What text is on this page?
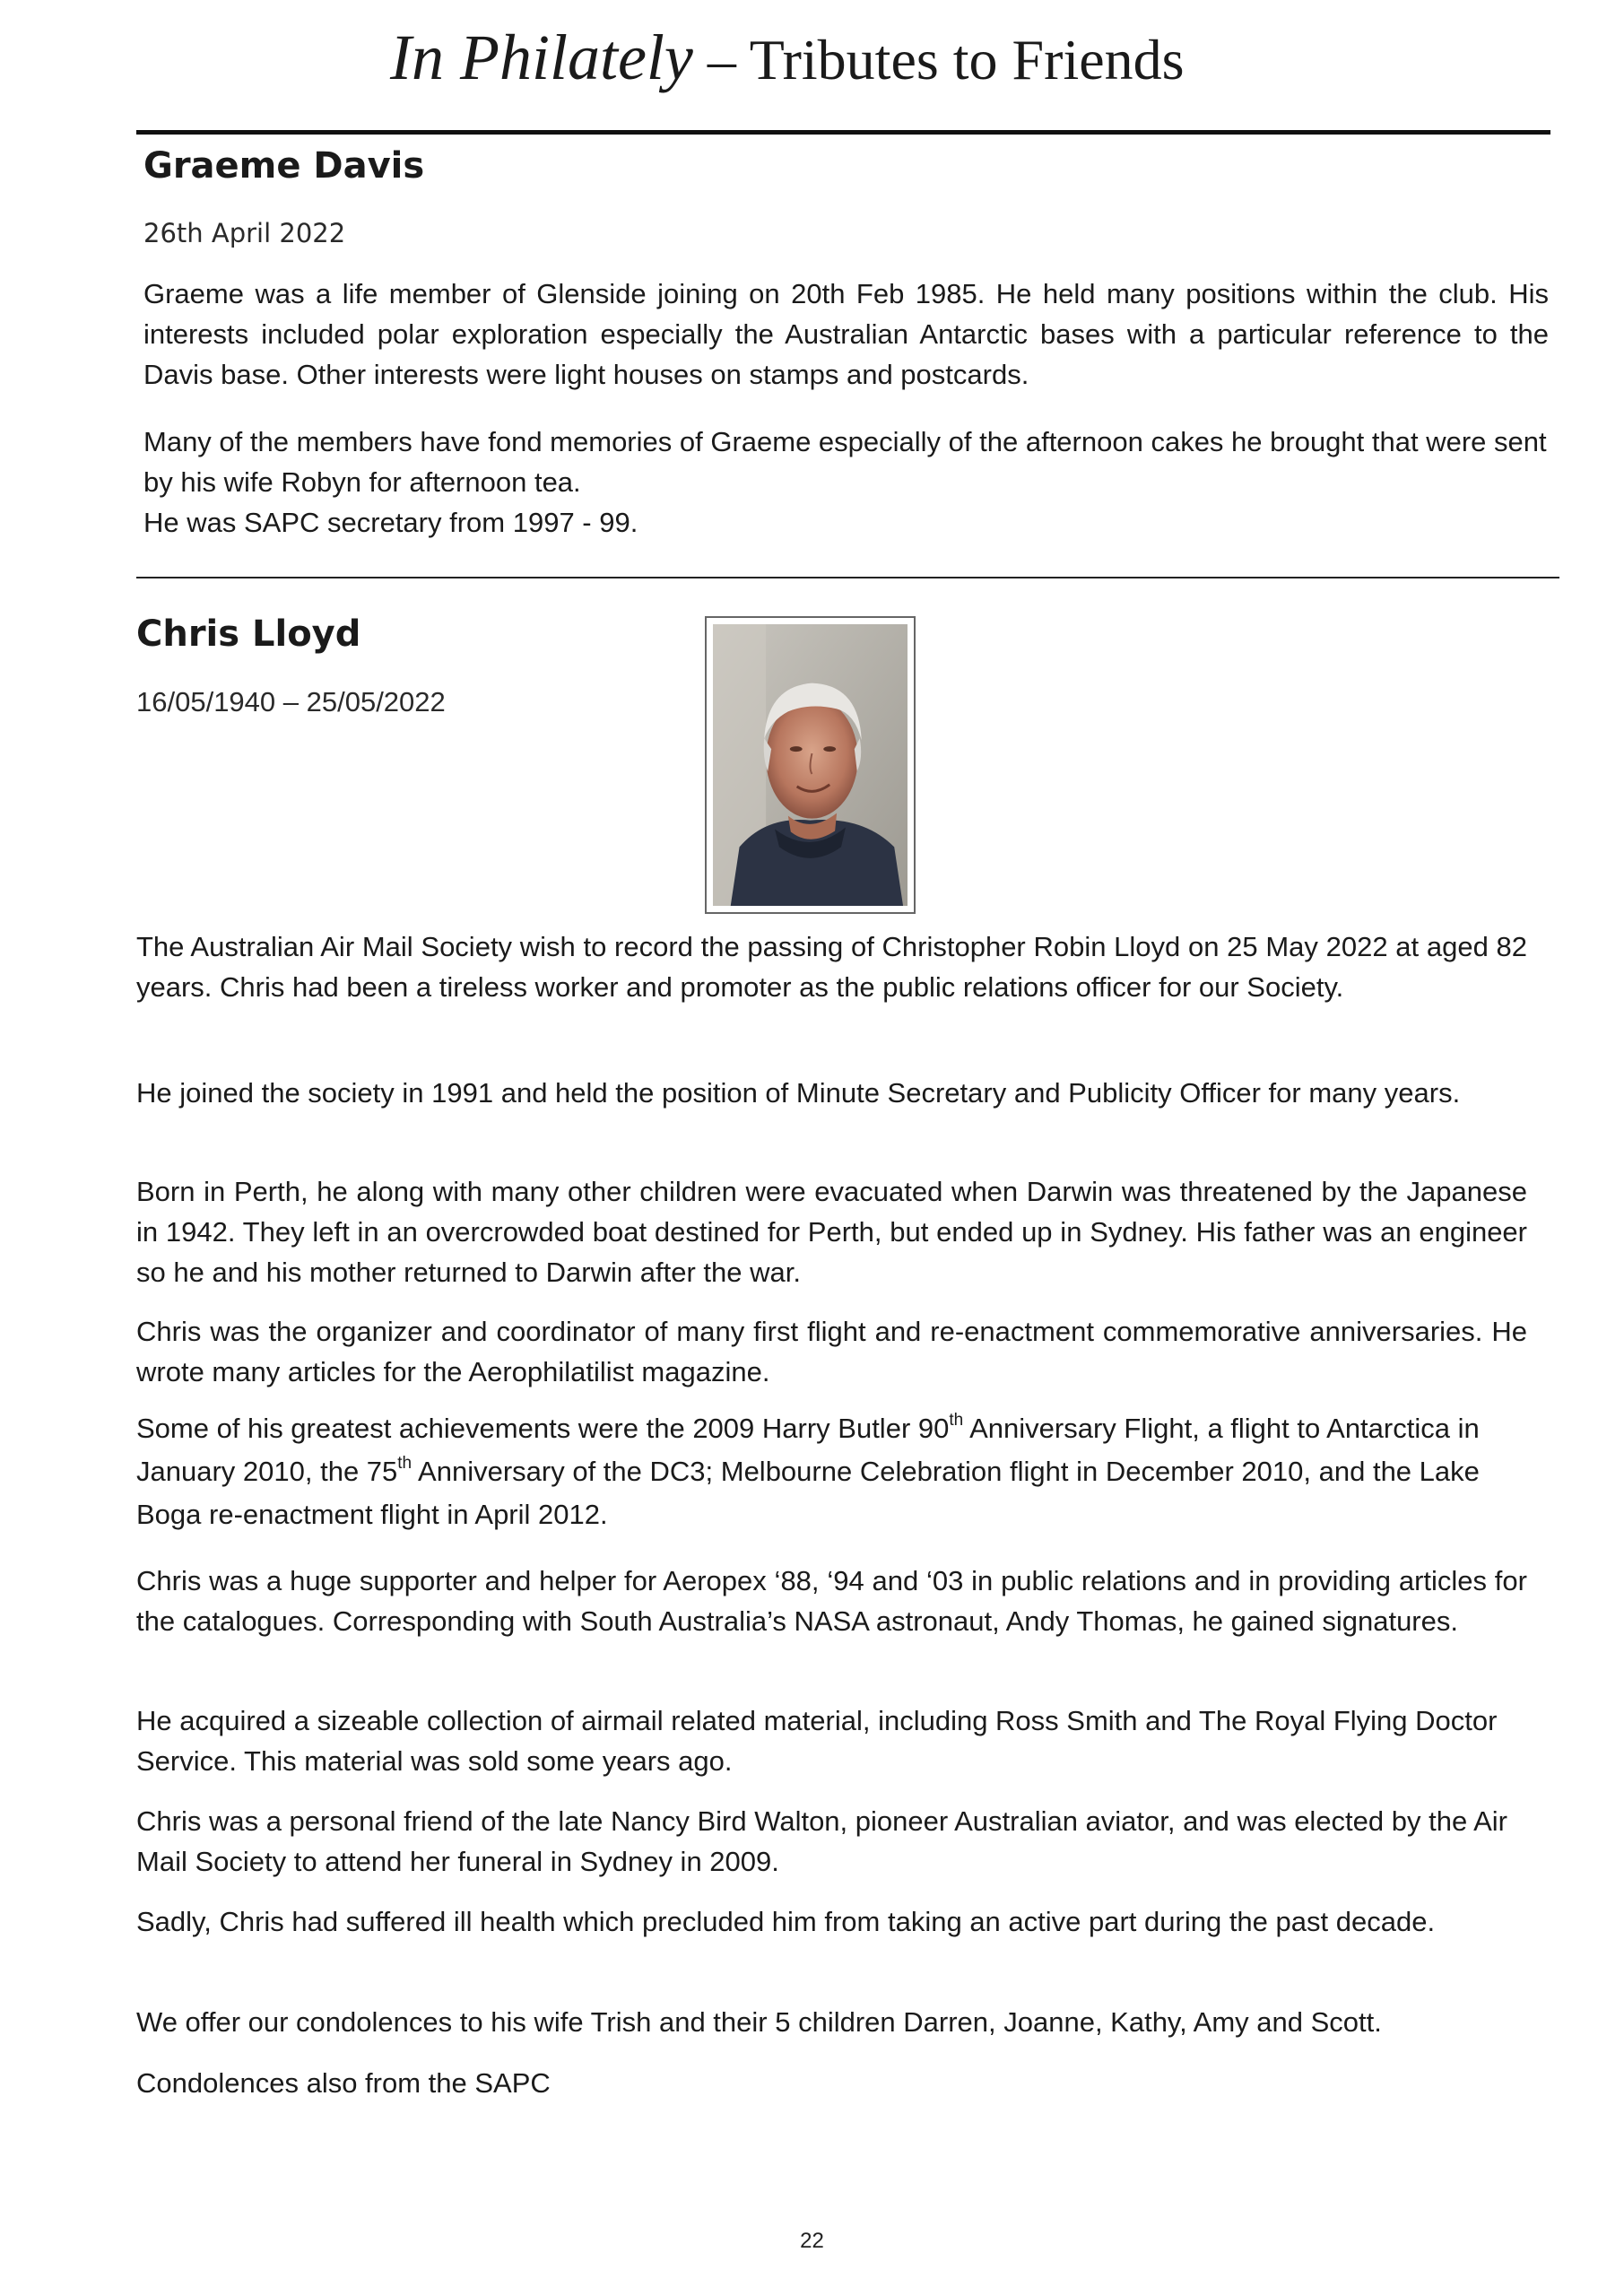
In Philately – Tributes to Friends
Graeme Davis
26th April 2022

Graeme was a life member of Glenside joining on 20th Feb 1985. He held many positions within the club. His interests included polar exploration especially the Australian Antarctic bases with a particular reference to the Davis base. Other interests were light houses on stamps and postcards.

Many of the members have fond memories of Graeme especially of the afternoon cakes he brought that were sent by his wife Robyn for afternoon tea.

He was SAPC secretary from 1997 - 99.

Chris Lloyd
16/05/1940 – 25/05/2022

The Australian Air Mail Society wish to record the passing of Christopher Robin Lloyd on 25 May 2022 at aged 82 years. Chris had been a tireless worker and promoter as the public relations officer for our Society.

He joined the society in 1991 and held the position of Minute Secretary and Publicity Officer for many years.

Born in Perth, he along with many other children were evacuated when Darwin was threatened by the Japanese in 1942. They left in an overcrowded boat destined for Perth, but ended up in Sydney. His father was an engineer so he and his mother returned to Darwin after the war.

Chris was the organizer and coordinator of many first flight and re-enactment commemorative anniversaries. He wrote many articles for the Aerophilatilist magazine.

Some of his greatest achievements were the 2009 Harry Butler 90th Anniversary Flight, a flight to Antarctica in January 2010, the 75th Anniversary of the DC3; Melbourne Celebration flight in December 2010, and the Lake Boga re-enactment flight in April 2012.

Chris was a huge supporter and helper for Aeropex ‘88, ‘94 and ‘03 in public relations and in providing articles for the catalogues. Corresponding with South Australia’s NASA astronaut, Andy Thomas, he gained signatures.

He acquired a sizeable collection of airmail related material, including Ross Smith and The Royal Flying Doctor Service. This material was sold some years ago.

Chris was a personal friend of the late Nancy Bird Walton, pioneer Australian aviator, and was elected by the Air Mail Society to attend her funeral in Sydney in 2009.

Sadly, Chris had suffered ill health which precluded him from taking an active part during the past decade.

We offer our condolences to his wife Trish and their 5 children Darren, Joanne, Kathy, Amy and Scott.

Condolences also from the SAPC

22
